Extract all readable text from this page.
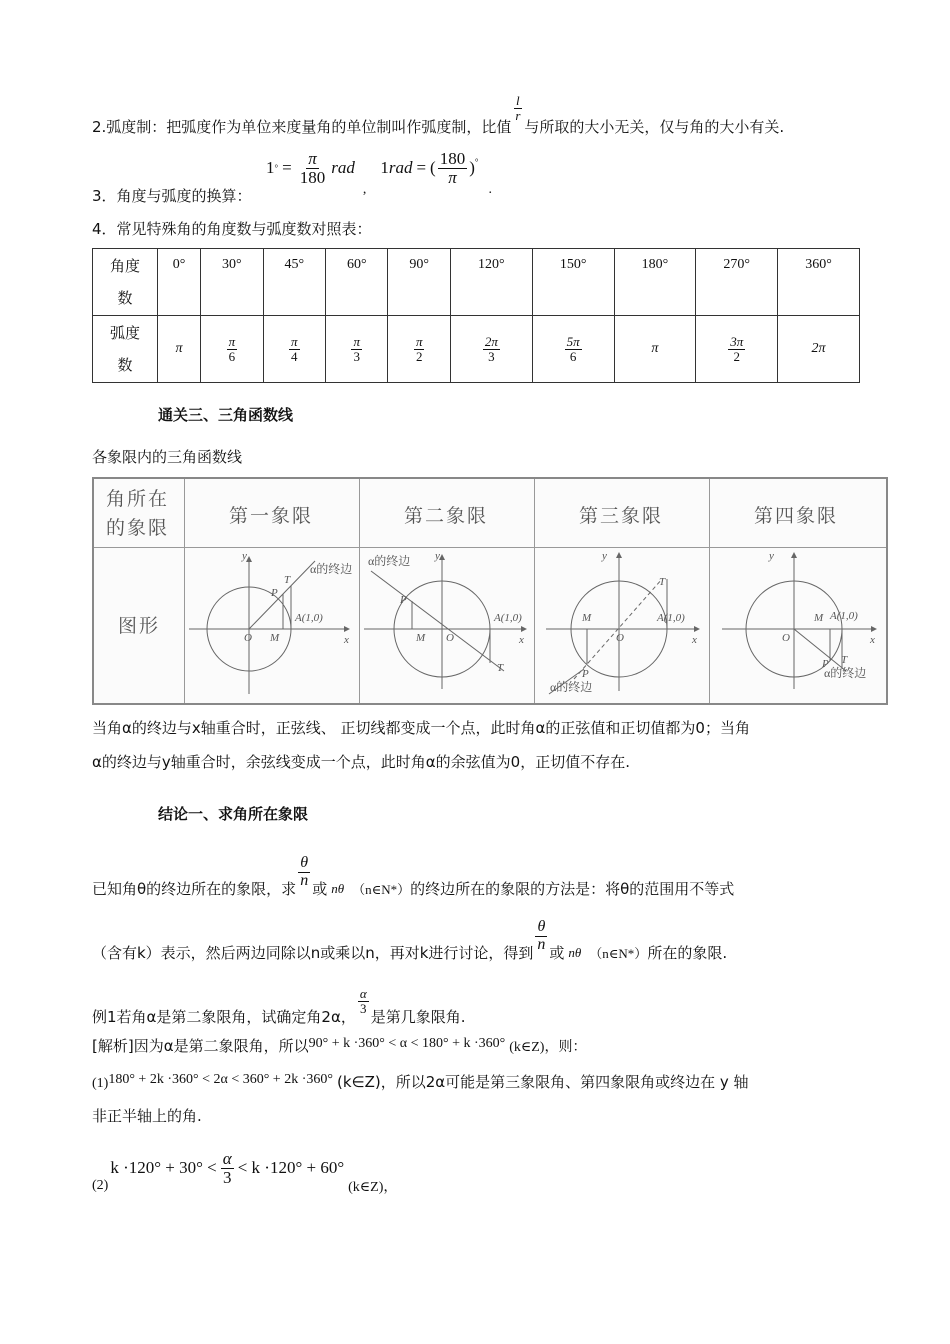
2.弧度制：把弧度作为单位来度量角的单位制叫作弧度制，比值
$\frac{l}{r}$
与所取的大小无关，仅与角的大小有关.
3．角度与弧度的换算：
1 ° = $\frac{\pi}{180}$ rad
,
1 rad = ( $\frac{180}{\pi} )^\circ$
.
4．常见特殊角的角度数与弧度数对照表：
角度
数	0°	30°	45°	60°	90°	120°	150°	180°	270°	360°
弧度
数	π	$\frac{\pi}{6}$	$\frac{\pi}{4}$	$\frac{\pi}{3}$	$\frac{\pi}{2}$	$\frac{2\pi}{3}$	$\frac{5\pi}{6}$	π	$\frac{3\pi}{2}$	2π
通关三、三角函数线
各象限内的三角函数线
角所在
的象限
第一象限	第二象限	第三象限	第四象限
图形
y
x
O M
P
T
A(1,0)
α的终边
y
x
O
M
P
T
A(1,0)
α的终边	y
x
O
M
P
T
A(1,0)
α的终边
y
x
O
M
P T
A(1,0)
α的终边
当角α的终边与x轴重合时，正弦线、 正切线都变成一个点，此时角α的正弦值和正切值都为0；当角
α的终边与y轴重合时，余弦线变成一个点，此时角α的余弦值为0，正切值不存在.
结论一、求角所在象限
已知角θ的终边所在的象限，求 $\frac{\theta}{n}$ 或 nθ （n∈N*） 的终边所在的象限的方法是：将θ的范围用不等式
（含有k）表示，然后两边同除以n或乘以n，再对k进行讨论，得到 $\frac{\theta}{n}$ 或 nθ （n∈N*） 所在的象限.
例1若角α是第二象限角，试确定角2α，
$\frac{\alpha}{3}$
是第几象限角.
[解析]因为α是第二象限角，所以 90° + k ·360° < α < 180° + k ·360° (k∈Z)，则：
(1) 180° + 2k ·360° < 2α < 360° + 2k ·360° (k∈Z)，所以2α可能是第三象限角、第四象限角或终边在 y 轴
非正半轴上的角.
(2)
$k \cdot 120^\circ + 30^\circ < \frac{\alpha}{3} < k \cdot 120^\circ + 60^\circ$
(k∈Z)，
